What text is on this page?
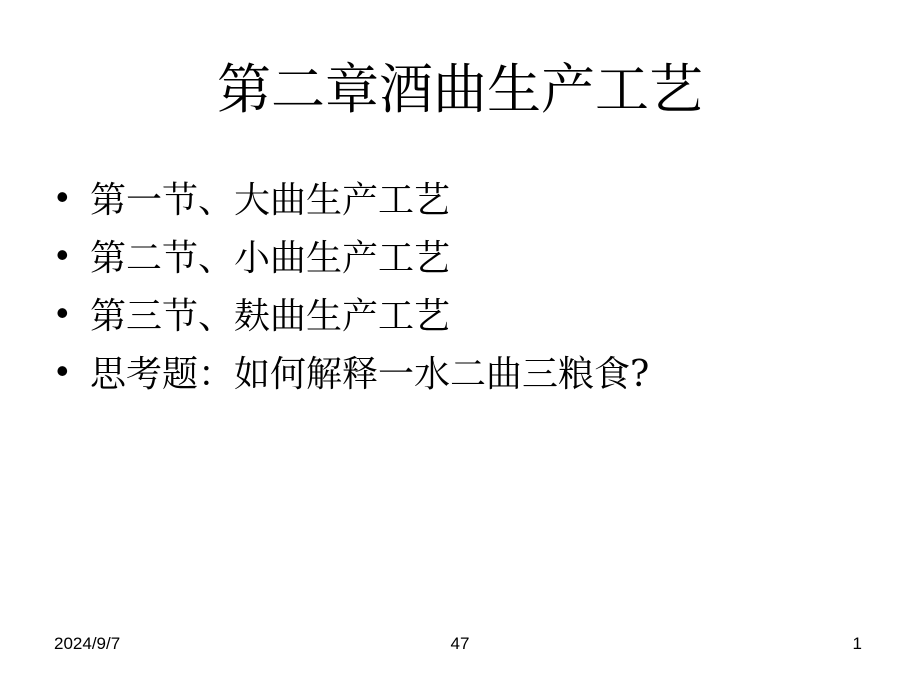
第二章酒曲生产工艺
• 第一节、大曲生产工艺
• 第二节、小曲生产工艺
• 第三节、麸曲生产工艺
• 思考题：如何解释一水二曲三粮食?
2024/9/7	47	1
